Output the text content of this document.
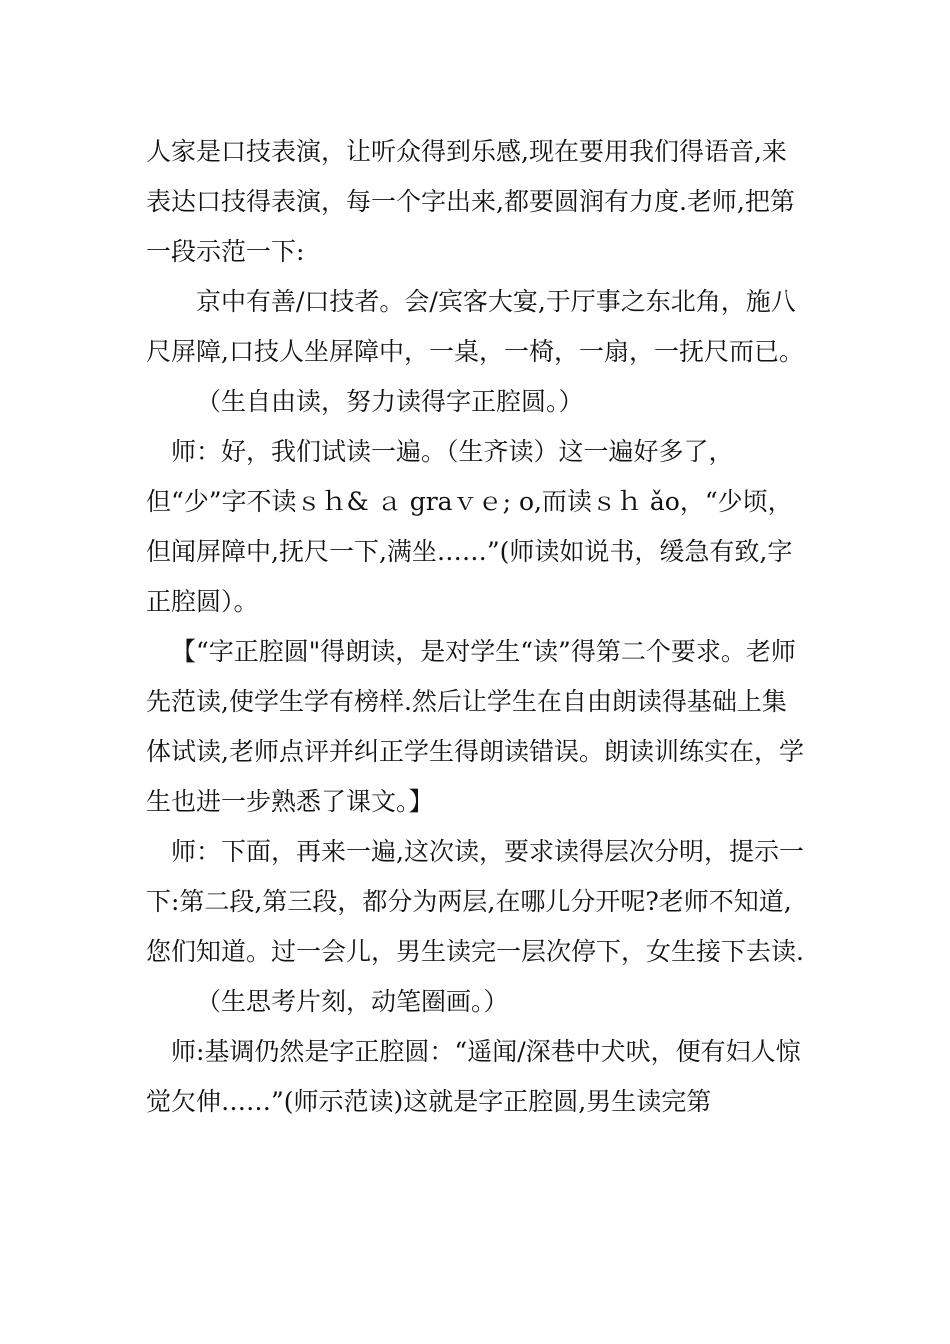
人家是口技表演，让听众得到乐感,现在要用我们得语音,来表达口技得表演，每一个字出来,都要圆润有力度.老师,把第一段示范一下:

京中有善/口技者。会/宾客大宴,于厅事之东北角，施八尺屏障,口技人坐屏障中，一桌，一椅，一扇，一抚尺而已。

（生自由读，努力读得字正腔圆。）

师：好，我们试读一遍。（生齐读）这一遍好多了，但“少”字不读ｓｈ& ａ graｖｅ; o,而读ｓｈ ǎo，“少顷，但闻屏障中,抚尺一下,满坐……”(师读如说书，缓急有致,字正腔圆）。

【“字正腔圆"得朗读，是对学生“读”得第二个要求。老师先范读,使学生学有榜样.然后让学生在自由朗读得基础上集体试读,老师点评并纠正学生得朗读错误。朗读训练实在，学生也进一步熟悉了课文。】

师：下面，再来一遍,这次读，要求读得层次分明，提示一下:第二段,第三段，都分为两层,在哪儿分开呢?老师不知道,您们知道。过一会儿，男生读完一层次停下，女生接下去读.

（生思考片刻，动笔圈画。）

师:基调仍然是字正腔圆：“遥闻/深巷中犬吠，便有妇人惊觉欠伸……”(师示范读)这就是字正腔圆,男生读完第
